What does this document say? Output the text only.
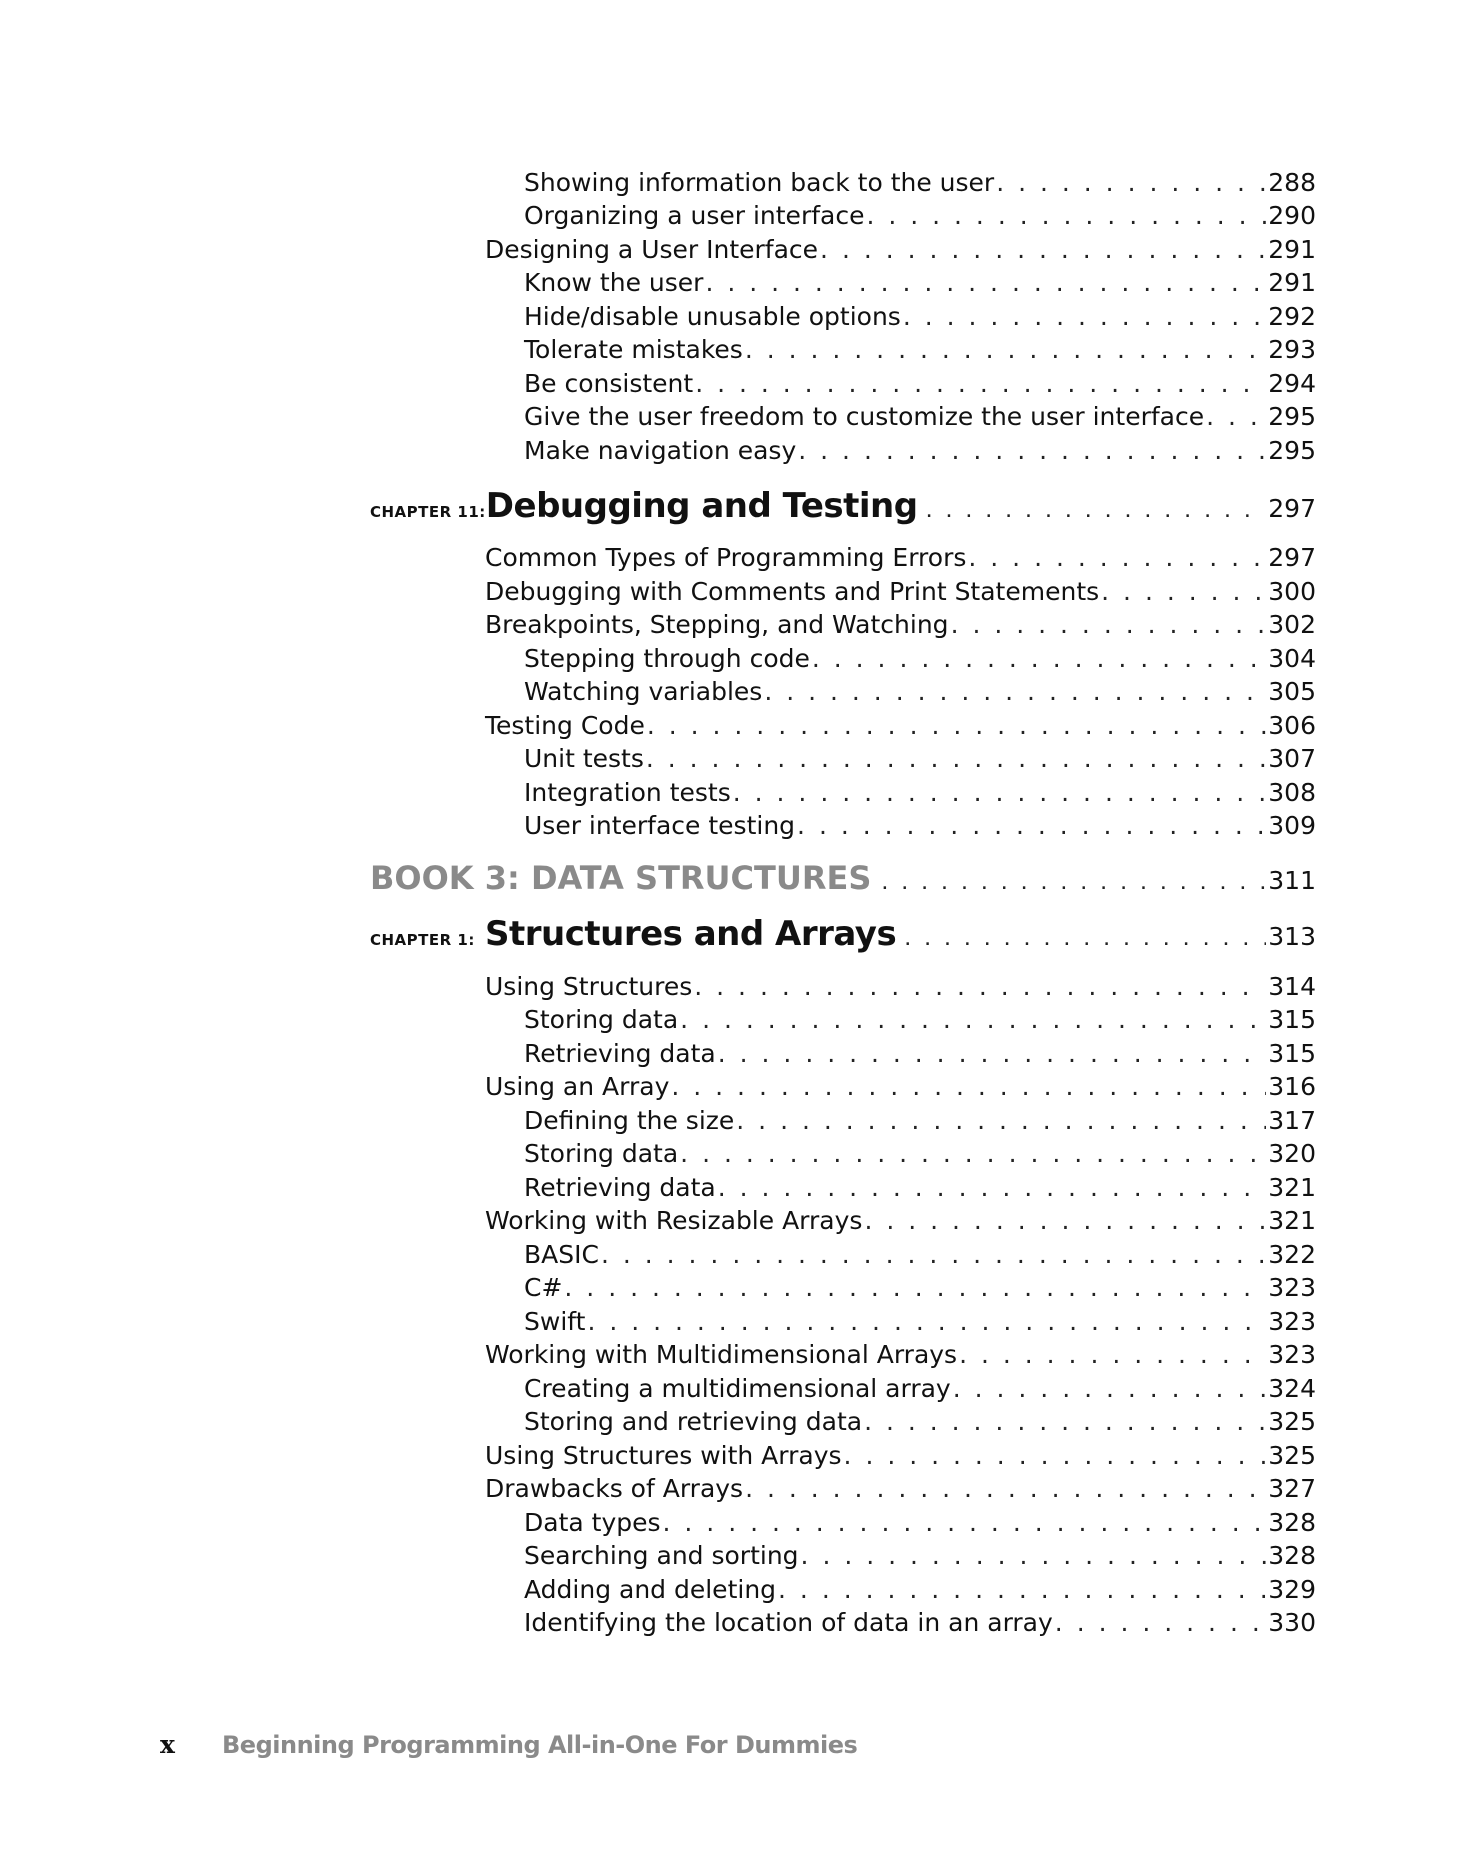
Showing information back to the user . . .	288
Organizing a user interface . . .	290
Designing a User Interface . . .	291
Know the user . . .	291
Hide/disable unusable options . . .	292
Tolerate mistakes . . .	293
Be consistent . . .	294
Give the user freedom to customize the user interface . . .	295
Make navigation easy . . .	295
CHAPTER 11: Debugging and Testing . . .	297
Common Types of Programming Errors . . .	297
Debugging with Comments and Print Statements . . .	300
Breakpoints, Stepping, and Watching . . .	302
Stepping through code . . .	304
Watching variables . . .	305
Testing Code . . .	306
Unit tests . . .	307
Integration tests . . .	308
User interface testing . . .	309
BOOK 3: DATA STRUCTURES . . .	311
CHAPTER 1: Structures and Arrays . . .	313
Using Structures . . .	314
Storing data . . .	315
Retrieving data . . .	315
Using an Array . . .	316
Defining the size . . .	317
Storing data . . .	320
Retrieving data . . .	321
Working with Resizable Arrays . . .	321
BASIC . . .	322
C# . . .	323
Swift . . .	323
Working with Multidimensional Arrays . . .	323
Creating a multidimensional array . . .	324
Storing and retrieving data . . .	325
Using Structures with Arrays . . .	325
Drawbacks of Arrays . . .	327
Data types . . .	328
Searching and sorting . . .	328
Adding and deleting . . .	329
Identifying the location of data in an array . . .	330
x	Beginning Programming All-in-One For Dummies
